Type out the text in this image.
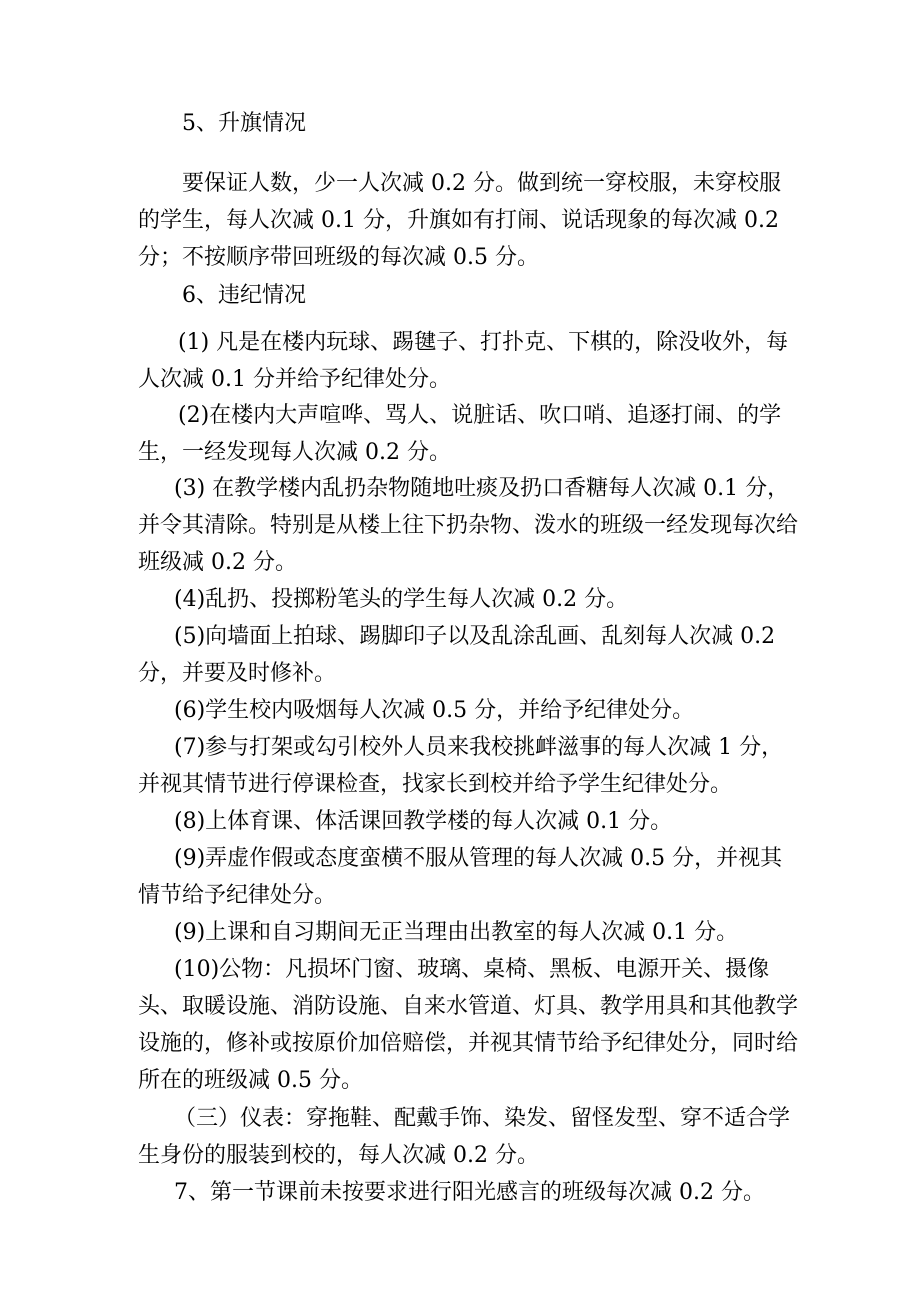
5、升旗情况

要保证人数，少一人次减 0.2 分。做到统一穿校服，未穿校服的学生，每人次减 0.1 分，升旗如有打闹、说话现象的每次减 0.2 分；不按顺序带回班级的每次减 0.5 分。

6、违纪情况

(1) 凡是在楼内玩球、踢毽子、打扑克、下棋的，除没收外，每人次减 0.1 分并给予纪律处分。

(2)在楼内大声喧哗、骂人、说脏话、吹口哨、追逐打闹、的学生，一经发现每人次减 0.2 分。

(3) 在教学楼内乱扔杂物随地吐痰及扔口香糖每人次减 0.1 分，并令其清除。特别是从楼上往下扔杂物、泼水的班级一经发现每次给班级减 0.2 分。

(4)乱扔、投掷粉笔头的学生每人次减 0.2 分。

(5)向墙面上拍球、踢脚印子以及乱涂乱画、乱刻每人次减 0.2 分，并要及时修补。

(6)学生校内吸烟每人次减 0.5 分，并给予纪律处分。

(7)参与打架或勾引校外人员来我校挑衅滋事的每人次减 1 分，并视其情节进行停课检查，找家长到校并给予学生纪律处分。

(8)上体育课、体活课回教学楼的每人次减 0.1 分。

(9)弄虚作假或态度蛮横不服从管理的每人次减 0.5 分，并视其情节给予纪律处分。

(9)上课和自习期间无正当理由出教室的每人次减 0.1 分。

(10)公物：凡损坏门窗、玻璃、桌椅、黑板、电源开关、摄像头、取暖设施、消防设施、自来水管道、灯具、教学用具和其他教学设施的，修补或按原价加倍赔偿，并视其情节给予纪律处分，同时给所在的班级减 0.5 分。

（三）仪表：穿拖鞋、配戴手饰、染发、留怪发型、穿不适合学生身份的服装到校的，每人次减 0.2 分。

7、第一节课前未按要求进行阳光感言的班级每次减 0.2 分。
